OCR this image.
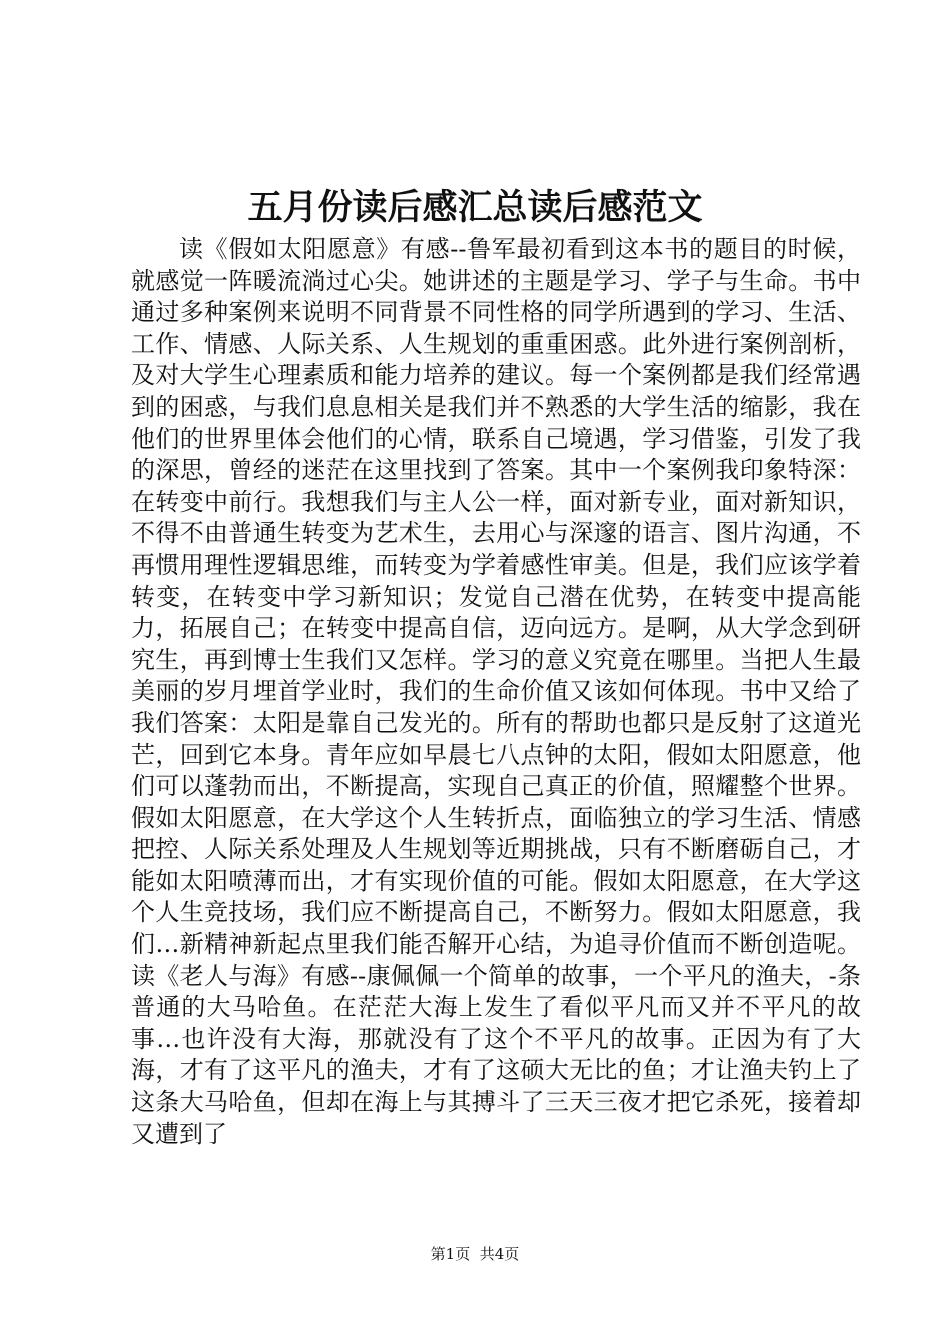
五月份读后感汇总读后感范文

读《假如太阳愿意》有感--鲁军最初看到这本书的题目的时候，就感觉一阵暖流淌过心尖。她讲述的主题是学习、学子与生命。书中通过多种案例来说明不同背景不同性格的同学所遇到的学习、生活、工作、情感、人际关系、人生规划的重重困惑。此外进行案例剖析，及对大学生心理素质和能力培养的建议。每一个案例都是我们经常遇到的困惑，与我们息息相关是我们并不熟悉的大学生活的缩影，我在他们的世界里体会他们的心情，联系自己境遇，学习借鉴，引发了我的深思，曾经的迷茫在这里找到了答案。其中一个案例我印象特深：在转变中前行。我想我们与主人公一样，面对新专业，面对新知识，不得不由普通生转变为艺术生，去用心与深邃的语言、图片沟通，不再惯用理性逻辑思维，而转变为学着感性审美。但是，我们应该学着转变，在转变中学习新知识；发觉自己潜在优势，在转变中提高能力，拓展自己；在转变中提高自信，迈向远方。是啊，从大学念到研究生，再到博士生我们又怎样。学习的意义究竟在哪里。当把人生最美丽的岁月埋首学业时，我们的生命价值又该如何体现。书中又给了我们答案：太阳是靠自己发光的。所有的帮助也都只是反射了这道光芒，回到它本身。青年应如早晨七八点钟的太阳，假如太阳愿意，他们可以蓬勃而出，不断提高，实现自己真正的价值，照耀整个世界。假如太阳愿意，在大学这个人生转折点，面临独立的学习生活、情感把控、人际关系处理及人生规划等近期挑战，只有不断磨砺自己，才能如太阳喷薄而出，才有实现价值的可能。假如太阳愿意，在大学这个人生竞技场，我们应不断提高自己，不断努力。假如太阳愿意，我们…新精神新起点里我们能否解开心结，为追寻价值而不断创造呢。读《老人与海》有感--康佩佩一个简单的故事，一个平凡的渔夫，-条普通的大马哈鱼。在茫茫大海上发生了看似平凡而又并不平凡的故事…也许没有大海，那就没有了这个不平凡的故事。正因为有了大海，才有了这平凡的渔夫，才有了这硕大无比的鱼；才让渔夫钓上了这条大马哈鱼，但却在海上与其搏斗了三天三夜才把它杀死，接着却又遭到了

第1页 共4页
